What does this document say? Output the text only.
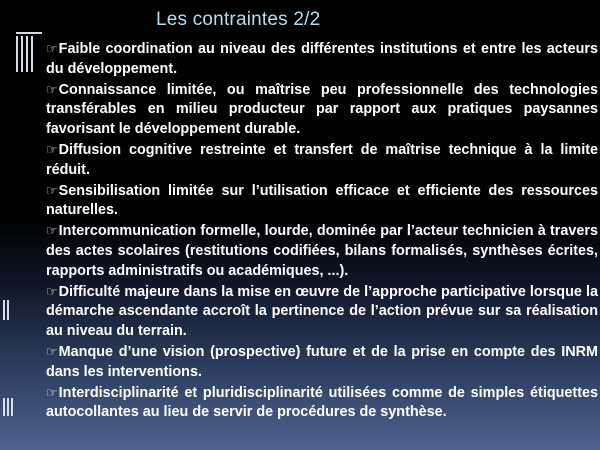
Les contraintes 2/2
☞Faible coordination au niveau des différentes institutions et entre les acteurs du développement.
☞Connaissance limitée, ou maîtrise peu professionnelle des technologies transférables en milieu producteur par rapport aux pratiques paysannes favorisant le développement durable.
☞Diffusion cognitive restreinte et transfert de maîtrise technique à la limite réduit.
☞Sensibilisation limitée sur l’utilisation efficace et efficiente des ressources naturelles.
☞Intercommunication formelle, lourde, dominée par l’acteur technicien à travers des actes scolaires (restitutions codifiées, bilans formalisés, synthèses écrites, rapports administratifs ou académiques, ...).
☞Difficulté majeure dans la mise en œuvre de l’approche participative lorsque la démarche ascendante accroît la pertinence de l’action prévue sur sa réalisation au niveau du terrain.
☞Manque d’une vision (prospective) future et de la prise en compte des INRM dans les interventions.
☞Interdisciplinarité et pluridisciplinarité utilisées comme de simples étiquettes autocollantes au lieu de servir de procédures de synthèse.
